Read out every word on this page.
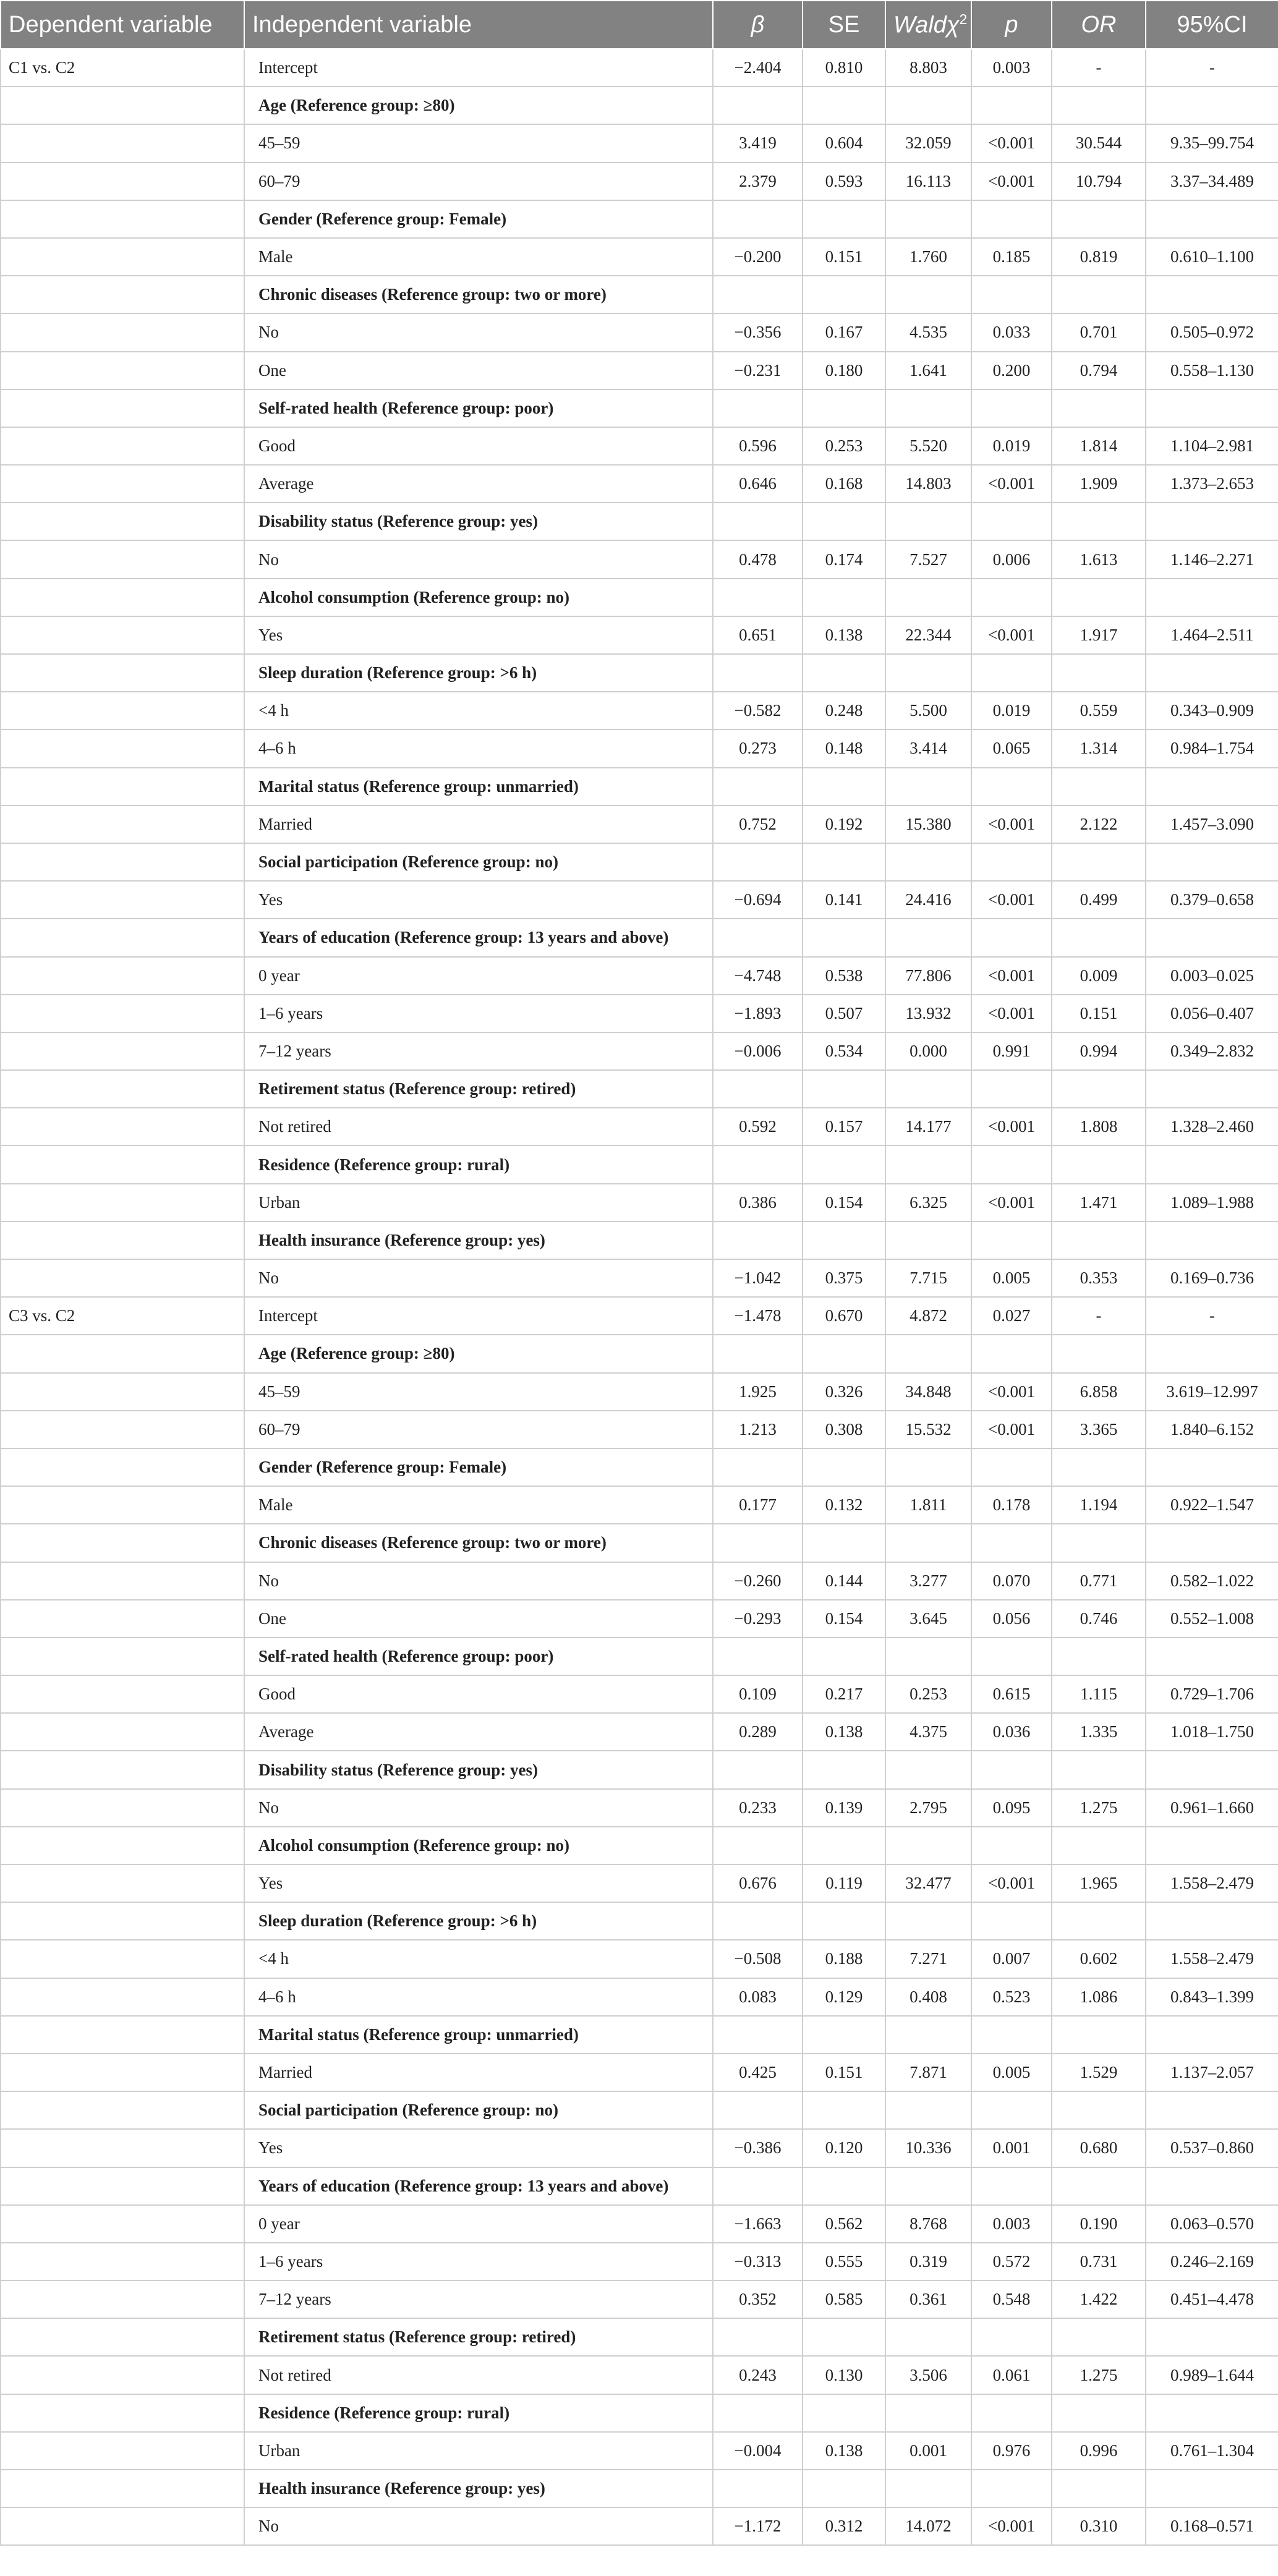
Dependent variable	Independent variable	β	SE	Waldχ$^2$	p	OR	95%CI
C1 vs. C2	Intercept	−2.404	0.810	8.803	0.003	-	-
	Age (Reference group: ≥80)						
	45–59	3.419	0.604	32.059	<0.001	30.544	9.35–99.754
	60–79	2.379	0.593	16.113	<0.001	10.794	3.37–34.489
	Gender (Reference group: Female)						
	Male	−0.200	0.151	1.760	0.185	0.819	0.610–1.100
	Chronic diseases (Reference group: two or more)						
	No	−0.356	0.167	4.535	0.033	0.701	0.505–0.972
	One	−0.231	0.180	1.641	0.200	0.794	0.558–1.130
	Self-rated health (Reference group: poor)						
	Good	0.596	0.253	5.520	0.019	1.814	1.104–2.981
	Average	0.646	0.168	14.803	<0.001	1.909	1.373–2.653
	Disability status (Reference group: yes)						
	No	0.478	0.174	7.527	0.006	1.613	1.146–2.271
	Alcohol consumption (Reference group: no)						
	Yes	0.651	0.138	22.344	<0.001	1.917	1.464–2.511
	Sleep duration (Reference group: >6 h)						
	<4 h	−0.582	0.248	5.500	0.019	0.559	0.343–0.909
	4–6 h	0.273	0.148	3.414	0.065	1.314	0.984–1.754
	Marital status (Reference group: unmarried)						
	Married	0.752	0.192	15.380	<0.001	2.122	1.457–3.090
	Social participation (Reference group: no)						
	Yes	−0.694	0.141	24.416	<0.001	0.499	0.379–0.658
	Years of education (Reference group: 13 years and above)						
	0 year	−4.748	0.538	77.806	<0.001	0.009	0.003–0.025
	1–6 years	−1.893	0.507	13.932	<0.001	0.151	0.056–0.407
	7–12 years	−0.006	0.534	0.000	0.991	0.994	0.349–2.832
	Retirement status (Reference group: retired)						
	Not retired	0.592	0.157	14.177	<0.001	1.808	1.328–2.460
	Residence (Reference group: rural)						
	Urban	0.386	0.154	6.325	<0.001	1.471	1.089–1.988
	Health insurance (Reference group: yes)						
	No	−1.042	0.375	7.715	0.005	0.353	0.169–0.736
C3 vs. C2	Intercept	−1.478	0.670	4.872	0.027	-	-
	Age (Reference group: ≥80)						
	45–59	1.925	0.326	34.848	<0.001	6.858	3.619–12.997
	60–79	1.213	0.308	15.532	<0.001	3.365	1.840–6.152
	Gender (Reference group: Female)						
	Male	0.177	0.132	1.811	0.178	1.194	0.922–1.547
	Chronic diseases (Reference group: two or more)						
	No	−0.260	0.144	3.277	0.070	0.771	0.582–1.022
	One	−0.293	0.154	3.645	0.056	0.746	0.552–1.008
	Self-rated health (Reference group: poor)						
	Good	0.109	0.217	0.253	0.615	1.115	0.729–1.706
	Average	0.289	0.138	4.375	0.036	1.335	1.018–1.750
	Disability status (Reference group: yes)						
	No	0.233	0.139	2.795	0.095	1.275	0.961–1.660
	Alcohol consumption (Reference group: no)						
	Yes	0.676	0.119	32.477	<0.001	1.965	1.558–2.479
	Sleep duration (Reference group: >6 h)						
	<4 h	−0.508	0.188	7.271	0.007	0.602	1.558–2.479
	4–6 h	0.083	0.129	0.408	0.523	1.086	0.843–1.399
	Marital status (Reference group: unmarried)						
	Married	0.425	0.151	7.871	0.005	1.529	1.137–2.057
	Social participation (Reference group: no)						
	Yes	−0.386	0.120	10.336	0.001	0.680	0.537–0.860
	Years of education (Reference group: 13 years and above)						
	0 year	−1.663	0.562	8.768	0.003	0.190	0.063–0.570
	1–6 years	−0.313	0.555	0.319	0.572	0.731	0.246–2.169
	7–12 years	0.352	0.585	0.361	0.548	1.422	0.451–4.478
	Retirement status (Reference group: retired)						
	Not retired	0.243	0.130	3.506	0.061	1.275	0.989–1.644
	Residence (Reference group: rural)						
	Urban	−0.004	0.138	0.001	0.976	0.996	0.761–1.304
	Health insurance (Reference group: yes)						
	No	−1.172	0.312	14.072	<0.001	0.310	0.168–0.571
